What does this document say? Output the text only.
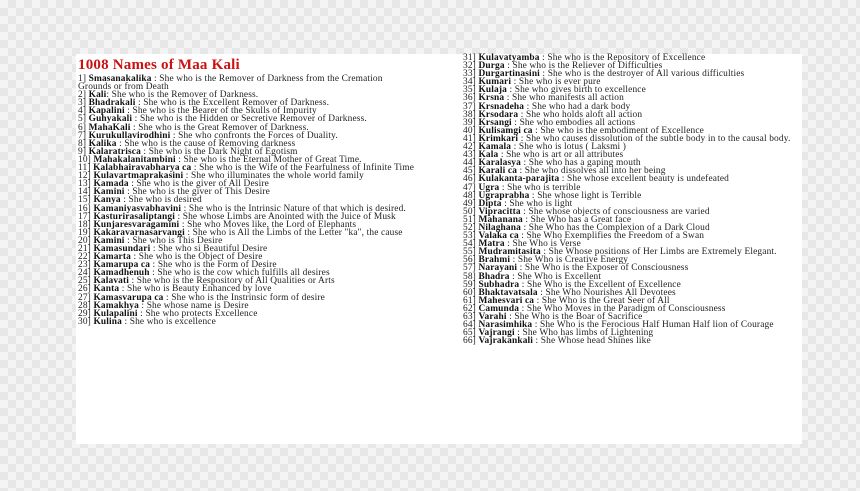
1008 Names of Maa Kali
1] Smasanakalika : She who is the Remover of Darkness from the Cremation Grounds or from Death
2] Kali: She who is the Remover of Darkness.
3] Bhadrakali : She who is the Excellent Remover of Darkness.
4] Kapalini : She who is the Bearer of the Skulls of Impurity
5] Guhyakali : She who is the Hidden or Secretive Remover of Darkness.
6] MahaKali : She who is the Great Remover of Darkness.
7] Kurukullavirodhini : She who confronts the Forces of Duality.
8] Kalika : She who is the cause of Removing darkness
9] Kalaratrisca : She who is the Dark Night of Egotism
10] Mahakalanitambini : She who is the Eternal Mother of Great Time.
11] Kalabhairavabharya ca : She who is the Wife of the Fearfulness of Infinite Time
12] Kulavartmaprakasini : She who illuminates the whole world family
13] Kamada : She who is the giver of All Desire
14] Kamini : She who is the giver of This Desire
15] Kanya : She who is desired
16] Kamaniyasvabhavini : She who is the Intrinsic Nature of that which is desired.
17] Kasturirasaliptangi : She whose Limbs are Anointed with the Juice of Musk
18] Kunjaresvaragamini : She who Moves like, the Lord of Elephants
19] Kakaravarnasarvangi : She who is All the Limbs of the Letter "ka", the cause
20] Kamini : She who is This Desire
21] Kamasundari : She who si Beautiful Desire
22] Kamarta : She who is the Object of Desire
23] Kamarupa ca : She who is the Form of Desire
24] Kamadhenuh : She who is the cow which fulfills all desires
25] Kalavati : She who is the Respository of All Qualities or Arts
26] Kanta : She who is Beauty Enhanced by love
27] Kamasvarupa ca : She who is the Instrinsic form of desire
28] Kamakhya : She whose name is Desire
29] Kulapalini : She who protects Excellence
30] Kulina : She who is excellence
31] Kulavatyamba : She who is the Repository of Excellence
32] Durga : She who is the Reliever of Difficulties
33] Durgartinasini : She who is the destroyer of All various difficulties
34] Kumari : She who is ever pure
35] Kulaja : She who gives birth to excellence
36] Krsna : She who manifests all action
37] Krsnadeha : She who had a dark body
38] Krsodara : She who holds aloft all action
39] Krsangi : She who embodies all actions
40] Kulisamgi ca : She who is the embodiment of Excellence
41] Krimkari : She who causes dissolution of the subtle body in to the causal body.
42] Kamala : She who is lotus ( Laksmi )
43] Kala : She who is art or all attributes
44] Karalasya : She who has a gaping mouth
45] Karali ca : She who dissolves all into her being
46] Kulakanta-parajita : She whose excellent beauty is undefeated
47] Ugra : She who is terrible
48] Ugraprabha : She whose light is Terrible
49] Dipta : She who is light
50] Vipracitta : She whose objects of consciousness are varied
51] Mahanana : She Who has a Great face
52] Nilaghana : She Who has the Complexion of a Dark Cloud
53] Valaka ca : She Who Exemplifies the Freedom of a Swan
54] Matra : She Who is Verse
55] Mudramitasita : She Whose positions of Her Limbs are Extremely Elegant.
56] Brahmi : She Who is Creative Energy
57] Narayani : She Who is the Exposer of Consciousness
58] Bhadra : She Who is Excellent
59] Subhadra : She Who is the Excellent of Excellence
60] Bhaktavatsala : She Who Nourishes All Devotees
61] Mahesvari ca : She Who is the Great Seer of All
62] Camunda : She Who Moves in the Paradigm of Consciousness
63] Varahi : She Who is the Boar of Sacrifice
64] Narasimhika : She Who is the Ferocious Half Human Half lion of Courage
65] Vajrangi : She Who has limbs of Lightening
66] Vajrakankali : She Whose head Shines like
